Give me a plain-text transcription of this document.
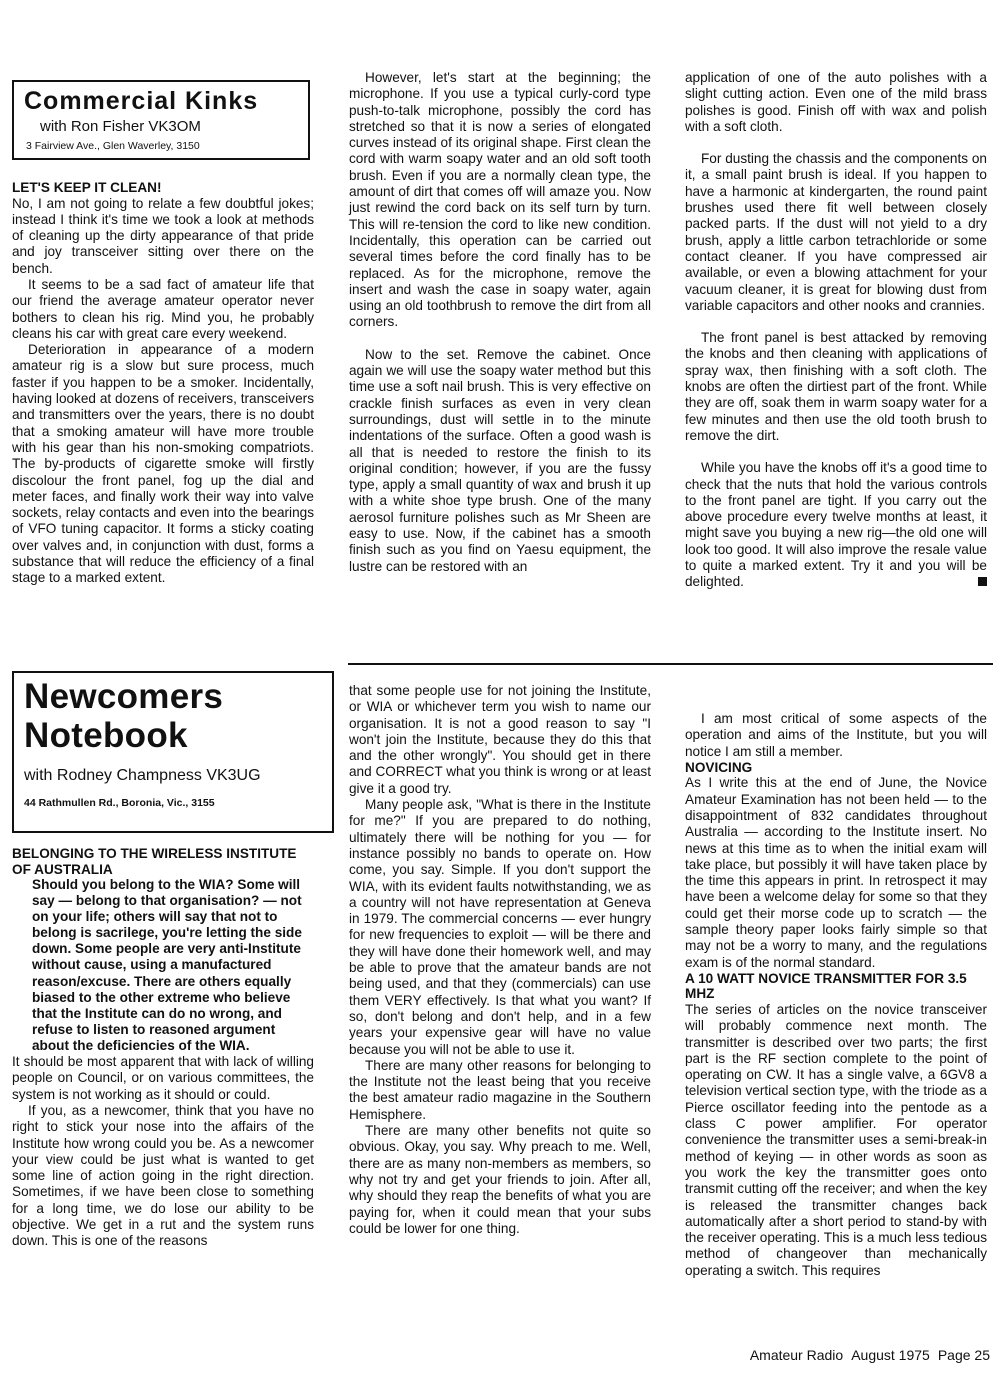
Commercial Kinks
with Ron Fisher VK3OM
3 Fairview Ave., Glen Waverley, 3150
LET'S KEEP IT CLEAN!

No, I am not going to relate a few doubtful jokes; instead I think it's time we took a look at methods of cleaning up the dirty appearance of that pride and joy transceiver sitting over there on the bench.

It seems to be a sad fact of amateur life that our friend the average amateur operator never bothers to clean his rig. Mind you, he probably cleans his car with great care every weekend.

Deterioration in appearance of a modern amateur rig is a slow but sure process, much faster if you happen to be a smoker. Incidentally, having looked at dozens of receivers, transceivers and transmitters over the years, there is no doubt that a smoking amateur will have more trouble with his gear than his non-smoking compatriots. The by-products of cigarette smoke will firstly discolour the front panel, fog up the dial and meter faces, and finally work their way into valve sockets, relay contacts and even into the bearings of VFO tuning capacitor. It forms a sticky coating over valves and, in conjunction with dust, forms a substance that will reduce the efficiency of a final stage to a marked extent.

However, let's start at the beginning; the microphone. If you use a typical curly-cord type push-to-talk microphone, possibly the cord has stretched so that it is now a series of elongated curves instead of its original shape. First clean the cord with warm soapy water and an old soft tooth brush. Even if you are a normally clean type, the amount of dirt that comes off will amaze you. Now just rewind the cord back on its self turn by turn. This will re-tension the cord to like new condition. Incidentally, this operation can be carried out several times before the cord finally has to be replaced. As for the microphone, remove the insert and wash the case in soapy water, again using an old toothbrush to remove the dirt from all corners.

Now to the set. Remove the cabinet. Once again we will use the soapy water method but this time use a soft nail brush. This is very effective on crackle finish surfaces as even in very clean surroundings, dust will settle in to the minute indentations of the surface. Often a good wash is all that is needed to restore the finish to its original condition; however, if you are the fussy type, apply a small quantity of wax and brush it up with a white shoe type brush. One of the many aerosol furniture polishes such as Mr Sheen are easy to use. Now, if the cabinet has a smooth finish such as you find on Yaesu equipment, the lustre can be restored with an

application of one of the auto polishes with a slight cutting action. Even one of the mild brass polishes is good. Finish off with wax and polish with a soft cloth.

For dusting the chassis and the components on it, a small paint brush is ideal. If you happen to have a harmonic at kindergarten, the round paint brushes used there fit well between closely packed parts. If the dust will not yield to a dry brush, apply a little carbon tetrachloride or some contact cleaner. If you have compressed air available, or even a blowing attachment for your vacuum cleaner, it is great for blowing dust from variable capacitors and other nooks and crannies.

The front panel is best attacked by removing the knobs and then cleaning with applications of spray wax, then finishing with a soft cloth. The knobs are often the dirtiest part of the front. While they are off, soak them in warm soapy water for a few minutes and then use the old tooth brush to remove the dirt.

While you have the knobs off it's a good time to check that the nuts that hold the various controls to the front panel are tight. If you carry out the above procedure every twelve months at least, it might save you buying a new rig—the old one will look too good. It will also improve the resale value to quite a marked extent. Try it and you will be delighted.

Newcomers
Notebook
with Rodney Champness VK3UG
44 Rathmullen Rd., Boronia, Vic., 3155
BELONGING TO THE WIRELESS INSTITUTE OF AUSTRALIA

Should you belong to the WIA? Some will say — belong to that organisation? — not on your life; others will say that not to belong is sacrilege, you're letting the side down. Some people are very anti-Institute without cause, using a manufactured reason/excuse. There are others equally biased to the other extreme who believe that the Institute can do no wrong, and refuse to listen to reasoned argument about the deficiencies of the WIA.

It should be most apparent that with lack of willing people on Council, or on various committees, the system is not working as it should or could.

If you, as a newcomer, think that you have no right to stick your nose into the affairs of the Institute how wrong could you be. As a newcomer your view could be just what is wanted to get some line of action going in the right direction. Sometimes, if we have been close to something for a long time, we do lose our ability to be objective. We get in a rut and the system runs down. This is one of the reasons

that some people use for not joining the Institute, or WIA or whichever term you wish to name our organisation. It is not a good reason to say "I won't join the Institute, because they do this that and the other wrongly". You should get in there and CORRECT what you think is wrong or at least give it a good try.

Many people ask, "What is there in the Institute for me?" If you are prepared to do nothing, ultimately there will be nothing for you — for instance possibly no bands to operate on. How come, you say. Simple. If you don't support the WIA, with its evident faults notwithstanding, we as a country will not have representation at Geneva in 1979. The commercial concerns — ever hungry for new frequencies to exploit — will be there and they will have done their homework well, and may be able to prove that the amateur bands are not being used, and that they (commercials) can use them VERY effectively. Is that what you want? If so, don't belong and don't help, and in a few years your expensive gear will have no value because you will not be able to use it.

There are many other reasons for belonging to the Institute not the least being that you receive the best amateur radio magazine in the Southern Hemisphere.

There are many other benefits not quite so obvious. Okay, you say. Why preach to me. Well, there are as many non-members as members, so why not try and get your friends to join. After all, why should they reap the benefits of what you are paying for, when it could mean that your subs could be lower for one thing.

I am most critical of some aspects of the operation and aims of the Institute, but you will notice I am still a member.

NOVICING

As I write this at the end of June, the Novice Amateur Examination has not been held — to the disappointment of 832 candidates throughout Australia — according to the Institute insert. No news at this time as to when the initial exam will take place, but possibly it will have taken place by the time this appears in print. In retrospect it may have been a welcome delay for some so that they could get their morse code up to scratch — the sample theory paper looks fairly simple so that may not be a worry to many, and the regulations exam is of the normal standard.

A 10 WATT NOVICE TRANSMITTER FOR 3.5 MHZ

The series of articles on the novice transceiver will probably commence next month. The transmitter is described over two parts; the first part is the RF section complete to the point of operating on CW. It has a single valve, a 6GV8 a television vertical section type, with the triode as a Pierce oscillator feeding into the pentode as a class C power amplifier. For operator convenience the transmitter uses a semi-break-in method of keying — in other words as soon as you work the key the transmitter goes onto transmit cutting off the receiver; and when the key is released the transmitter changes back automatically after a short period to stand-by with the receiver operating. This is a much less tedious method of changeover than mechanically operating a switch. This requires

Amateur Radio August 1975 Page 25
